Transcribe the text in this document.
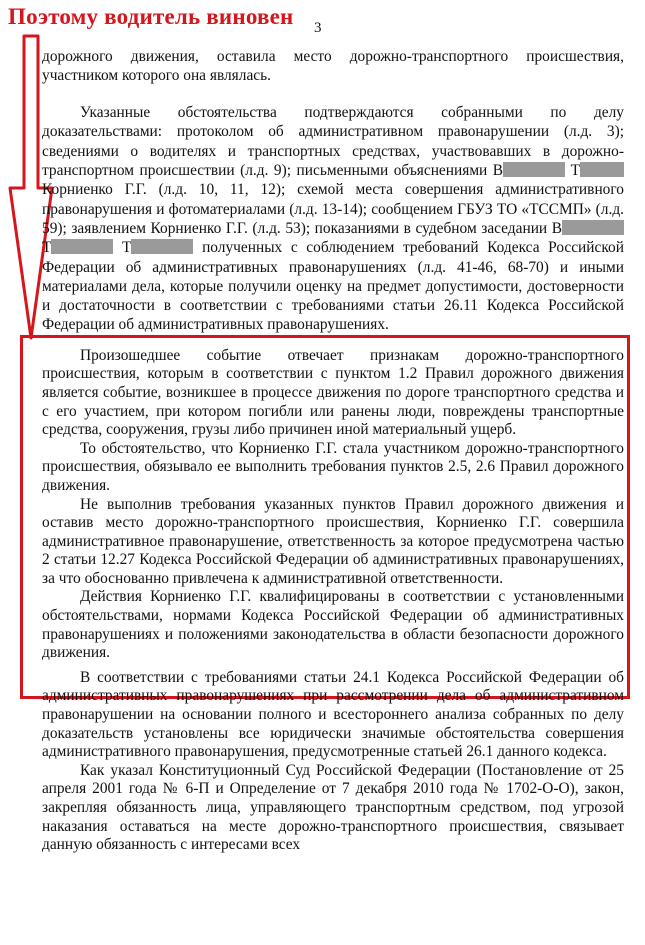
Поэтому водитель виновен 3

дорожного движения, оставила место дорожно-транспортного происшествия, участником которого она являлась.

Указанные обстоятельства подтверждаются собранными по делу доказательствами: протоколом об административном правонарушении (л.д. 3); сведениями о водителях и транспортных средствах, участвовавших в дорожно-транспортном происшествии (л.д. 9); письменными объяснениями В	Т Корниенко Г.Г. (л.д. 10, 11, 12); схемой места совершения административного правонарушения и фотоматериалами (л.д. 13-14); сообщением ГБУЗ ТО «ТССМП» (л.д. 59); заявлением Корниенко Г.Г. (л.д. 53); показаниями в судебном заседании В Т	Т	полученных с соблюдением требований Кодекса Российской Федерации об административных правонарушениях (л.д. 41-46, 68-70) и иными материалами дела, которые получили оценку на предмет допустимости, достоверности и достаточности в соответствии с требованиями статьи 26.11 Кодекса Российской Федерации об административных правонарушениях.

Произошедшее событие отвечает признакам дорожно-транспортного происшествия, которым в соответствии с пунктом 1.2 Правил дорожного движения является событие, возникшее в процессе движения по дороге транспортного средства и с его участием, при котором погибли или ранены люди, повреждены транспортные средства, сооружения, грузы либо причинен иной материальный ущерб.

То обстоятельство, что Корниенко Г.Г. стала участником дорожно-транспортного происшествия, обязывало ее выполнить требования пунктов 2.5, 2.6 Правил дорожного движения.

Не выполнив требования указанных пунктов Правил дорожного движения и оставив место дорожно-транспортного происшествия, Корниенко Г.Г. совершила административное правонарушение, ответственность за которое предусмотрена частью 2 статьи 12.27 Кодекса Российской Федерации об административных правонарушениях, за что обоснованно привлечена к административной ответственности.

Действия Корниенко Г.Г. квалифицированы в соответствии с установленными обстоятельствами, нормами Кодекса Российской Федерации об административных правонарушениях и положениями законодательства в области безопасности дорожного движения.

В соответствии с требованиями статьи 24.1 Кодекса Российской Федерации об административных правонарушениях при рассмотрении дела об административном правонарушении на основании полного и всестороннего анализа собранных по делу доказательств установлены все юридически значимые обстоятельства совершения административного правонарушения, предусмотренные статьей 26.1 данного кодекса.

Как указал Конституционный Суд Российской Федерации (Постановление от 25 апреля 2001 года № 6-П и Определение от 7 декабря 2010 года № 1702-О-О), закон, закрепляя обязанность лица, управляющего транспортным средством, под угрозой наказания оставаться на месте дорожно-транспортного происшествия, связывает данную обязанность с интересами всех
